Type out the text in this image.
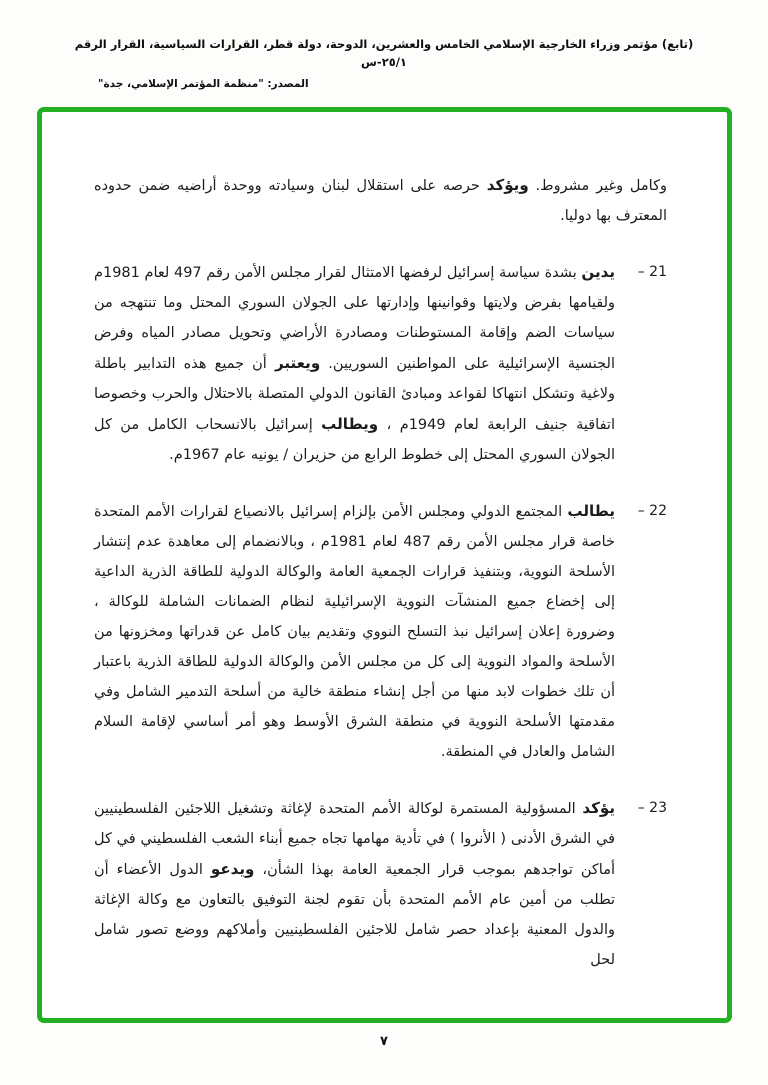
(تابع) مؤتمر وزراء الخارجية الإسلامي الخامس والعشرين، الدوحة، دولة قطر، القرارات السياسية، القرار الرقم ٢٥/١-س
المصدر: "منظمة المؤتمر الإسلامي، جدة"

وكامل وغير مشروط. ويؤكد حرصه على استقلال لبنان وسيادته ووحدة أراضيه ضمن حدوده المعترف بها دوليا.

21 –
يدين بشدة سياسة إسرائيل لرفضها الامتثال لقرار مجلس الأمن رقم 497 لعام 1981م ولقيامها بفرض ولايتها وقوانينها وإدارتها على الجولان السوري المحتل وما تنتهجه من سياسات الضم وإقامة المستوطنات ومصادرة الأراضي وتحويل مصادر المياه وفرض الجنسية الإسرائيلية على المواطنين السوريين. ويعتبر أن جميع هذه التدابير باطلة ولاغية وتشكل انتهاكا لقواعد ومبادئ القانون الدولي المتصلة بالاحتلال والحرب وخصوصا اتفاقية جنيف الرابعة لعام 1949م ، ويطالب إسرائيل بالانسحاب الكامل من كل الجولان السوري المحتل إلى خطوط الرابع من حزيران / يونيه عام 1967م.
22 –
يطالب المجتمع الدولي ومجلس الأمن بإلزام إسرائيل بالانصياع لقرارات الأمم المتحدة خاصة قرار مجلس الأمن رقم 487 لعام 1981م ، وبالانضمام إلى معاهدة عدم إنتشار الأسلحة النووية، وبتنفيذ قرارات الجمعية العامة والوكالة الدولية للطاقة الذرية الداعية إلى إخضاع جميع المنشآت النووية الإسرائيلية لنظام الضمانات الشاملة للوكالة ، وضرورة إعلان إسرائيل نبذ التسلح النووي وتقديم بيان كامل عن قدراتها ومخزونها من الأسلحة والمواد النووية إلى كل من مجلس الأمن والوكالة الدولية للطاقة الذرية باعتبار أن تلك خطوات لابد منها من أجل إنشاء منطقة خالية من أسلحة التدمير الشامل وفي مقدمتها الأسلحة النووية في منطقة الشرق الأوسط وهو أمر أساسي لإقامة السلام الشامل والعادل في المنطقة.
23 –
يؤكد المسؤولية المستمرة لوكالة الأمم المتحدة لإغاثة وتشغيل اللاجئين الفلسطينيين في الشرق الأدنى ( الأنروا ) في تأدية مهامها تجاه جميع أبناء الشعب الفلسطيني في كل أماكن تواجدهم بموجب قرار الجمعية العامة بهذا الشأن، ويدعو الدول الأعضاء أن تطلب من أمين عام الأمم المتحدة بأن تقوم لجنة التوفيق بالتعاون مع وكالة الإغاثة والدول المعنية بإعداد حصر شامل للاجئين الفلسطينيين وأملاكهم ووضع تصور شامل لحل
٧
